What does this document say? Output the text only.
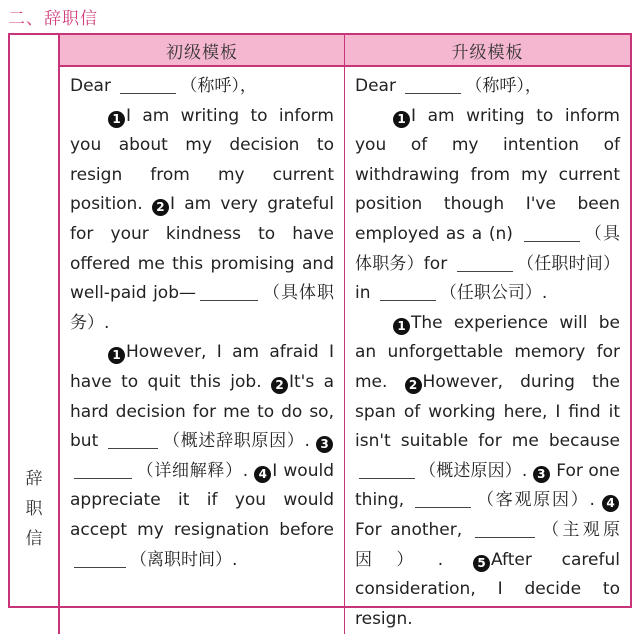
二、辞职信
初级模板	升级模板
辞
职
信

Dear	（称呼），

1 I am writing to inform you about my decision to resign from my current position. 2 I am very grateful for your kindness to have offered me this promising and well-paid job—	（具体职务）.

1 However, I am afraid I have to quit this job. 2 It's a hard decision for me to do so, but	（概述辞职原因）. 3（详细解释）. 4 I would appreciate it if you would accept my resignation before （离职时间）.

Dear	（称呼），

1 I am writing to inform you of my intention of withdrawing from my current position though I've been employed as a (n)	（具体职务）for	（任职时间）in	（任职公司）.

1 The experience will be an unforgettable memory for me. 2 However, during the span of working here, I find it isn't suitable for me because （概述原因）. 3 For one thing,	（客观原因）. 4For another,	（主观原因）. 5 After careful consideration, I decide to resign.
